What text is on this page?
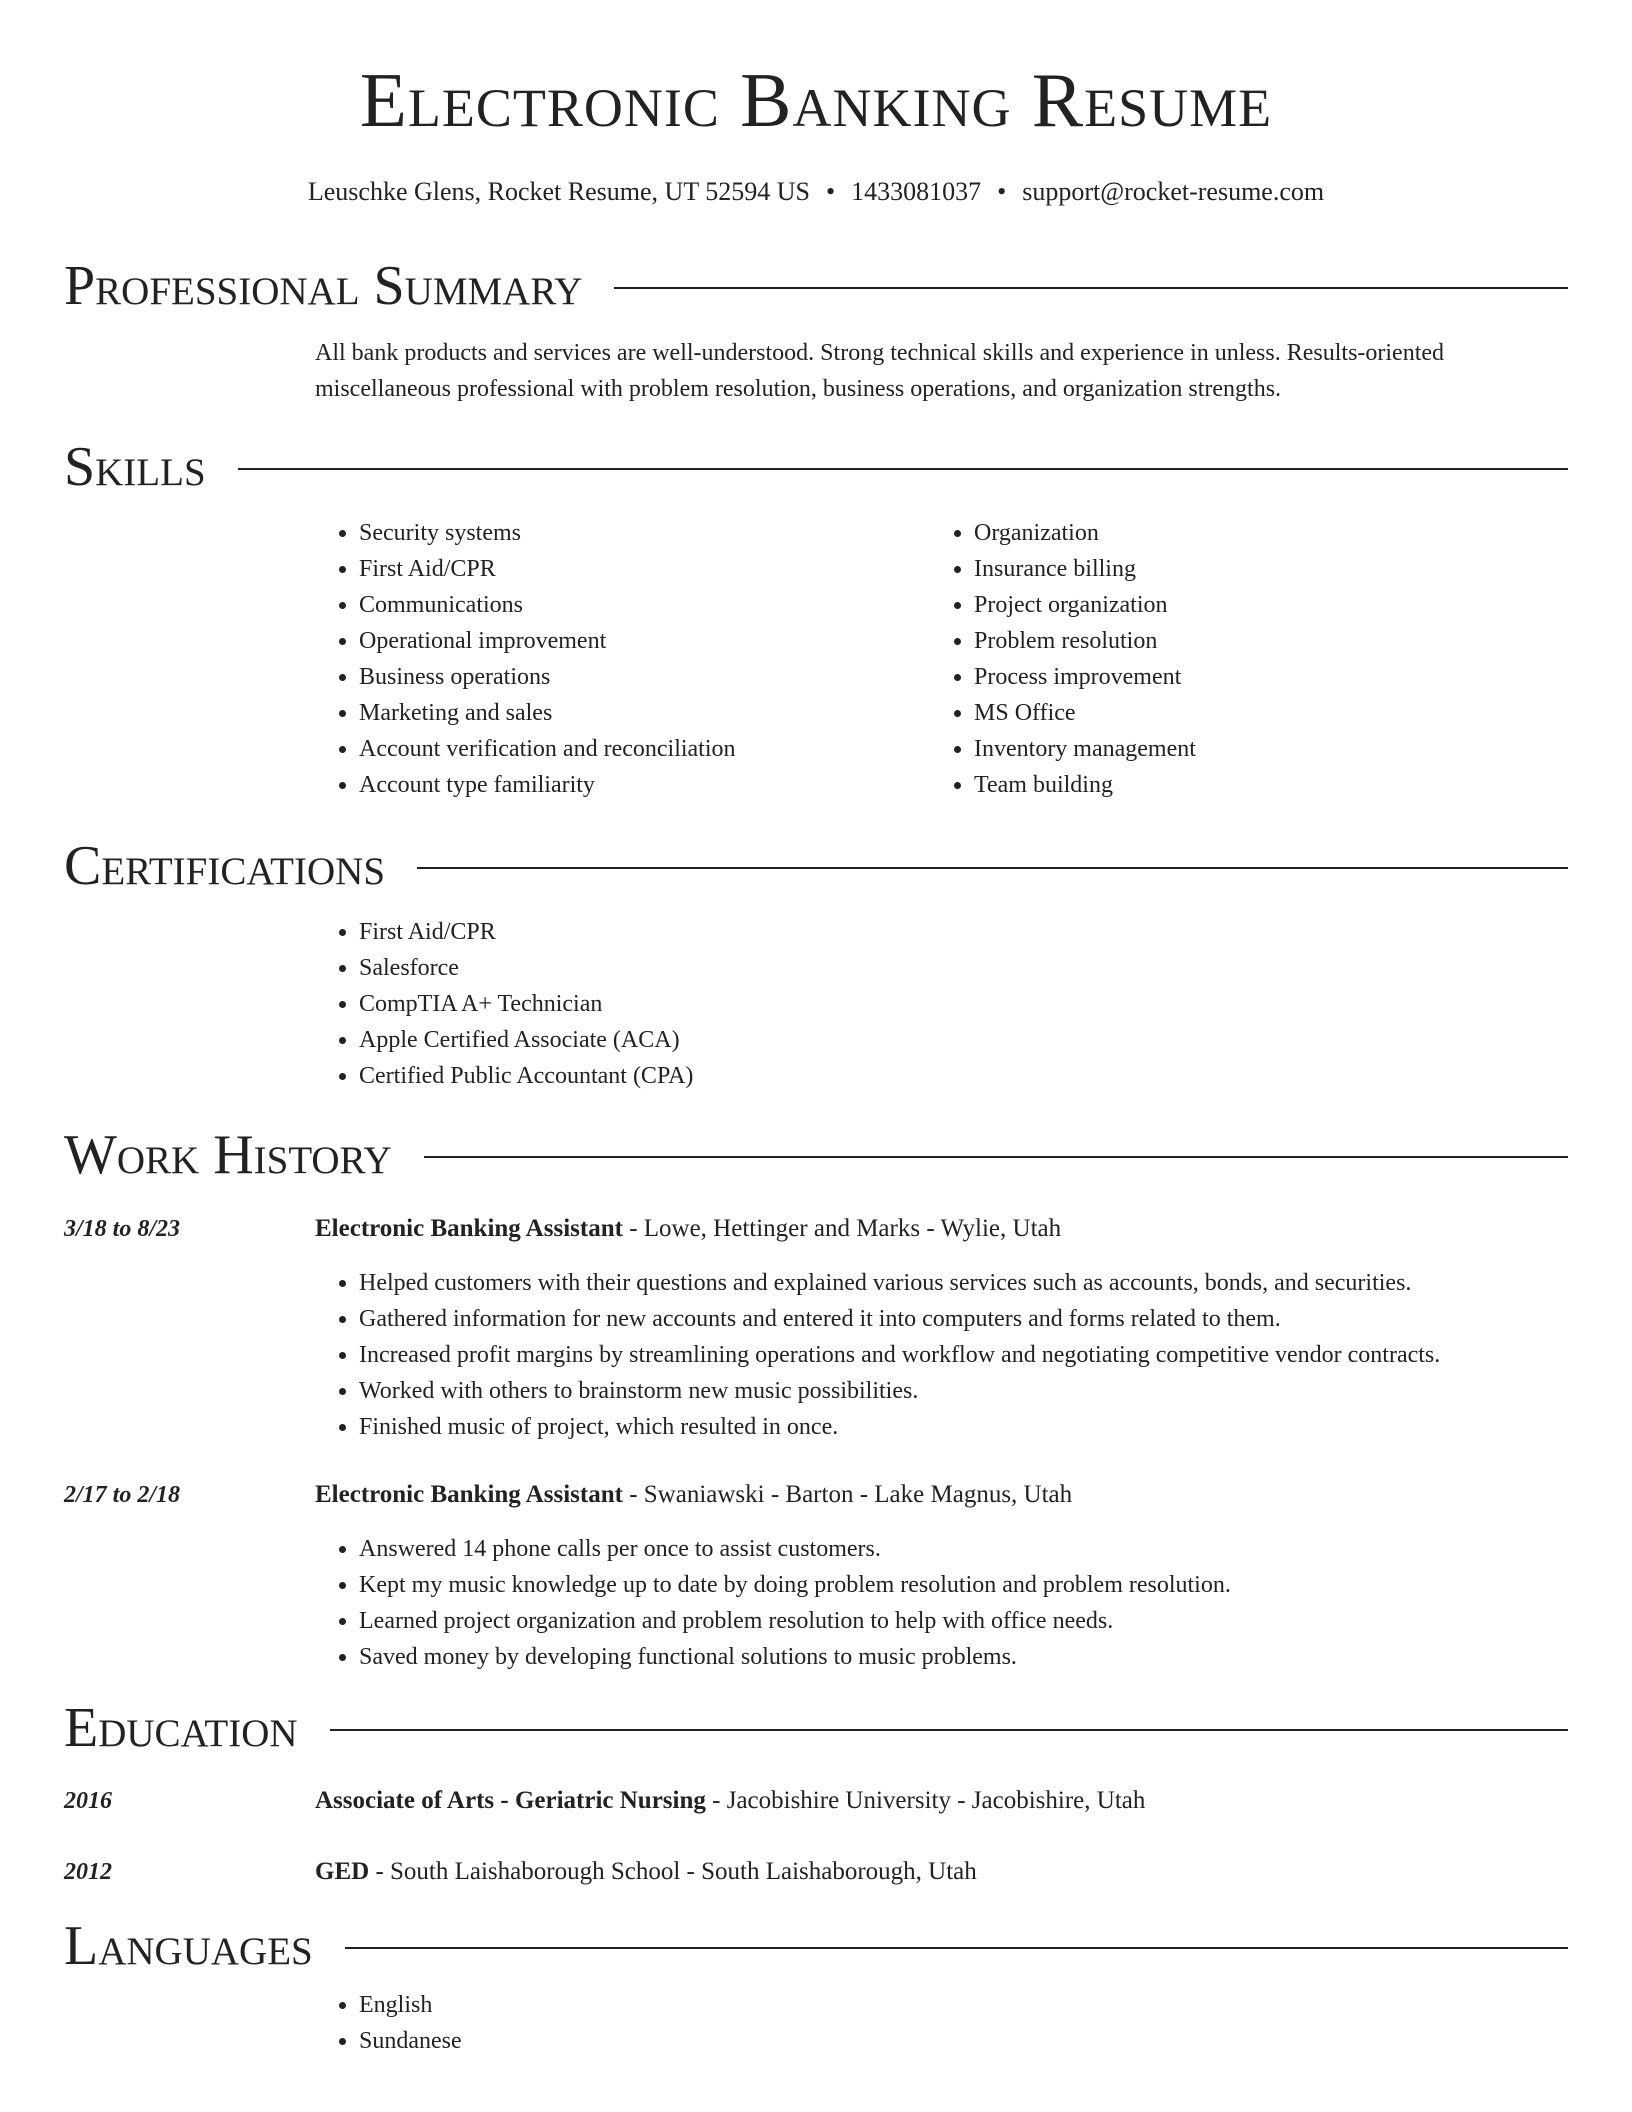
Electronic Banking Resume
Leuschke Glens, Rocket Resume, UT 52594 US • 1433081037 • support@rocket-resume.com
Professional Summary
All bank products and services are well-understood. Strong technical skills and experience in unless. Results-oriented miscellaneous professional with problem resolution, business operations, and organization strengths.
Skills
• Security systems
• First Aid/CPR
• Communications
• Operational improvement
• Business operations
• Marketing and sales
• Account verification and reconciliation
• Account type familiarity
• Organization
• Insurance billing
• Project organization
• Problem resolution
• Process improvement
• MS Office
• Inventory management
• Team building
Certifications
• First Aid/CPR
• Salesforce
• CompTIA A+ Technician
• Apple Certified Associate (ACA)
• Certified Public Accountant (CPA)
Work History
3/18 to 8/23	Electronic Banking Assistant - Lowe, Hettinger and Marks - Wylie, Utah
• Helped customers with their questions and explained various services such as accounts, bonds, and securities.
• Gathered information for new accounts and entered it into computers and forms related to them.
• Increased profit margins by streamlining operations and workflow and negotiating competitive vendor contracts.
• Worked with others to brainstorm new music possibilities.
• Finished music of project, which resulted in once.
2/17 to 2/18	Electronic Banking Assistant - Swaniawski - Barton - Lake Magnus, Utah
• Answered 14 phone calls per once to assist customers.
• Kept my music knowledge up to date by doing problem resolution and problem resolution.
• Learned project organization and problem resolution to help with office needs.
• Saved money by developing functional solutions to music problems.
Education
2016	Associate of Arts - Geriatric Nursing - Jacobishire University - Jacobishire, Utah
2012	GED - South Laishaborough School - South Laishaborough, Utah
Languages
• English
• Sundanese
